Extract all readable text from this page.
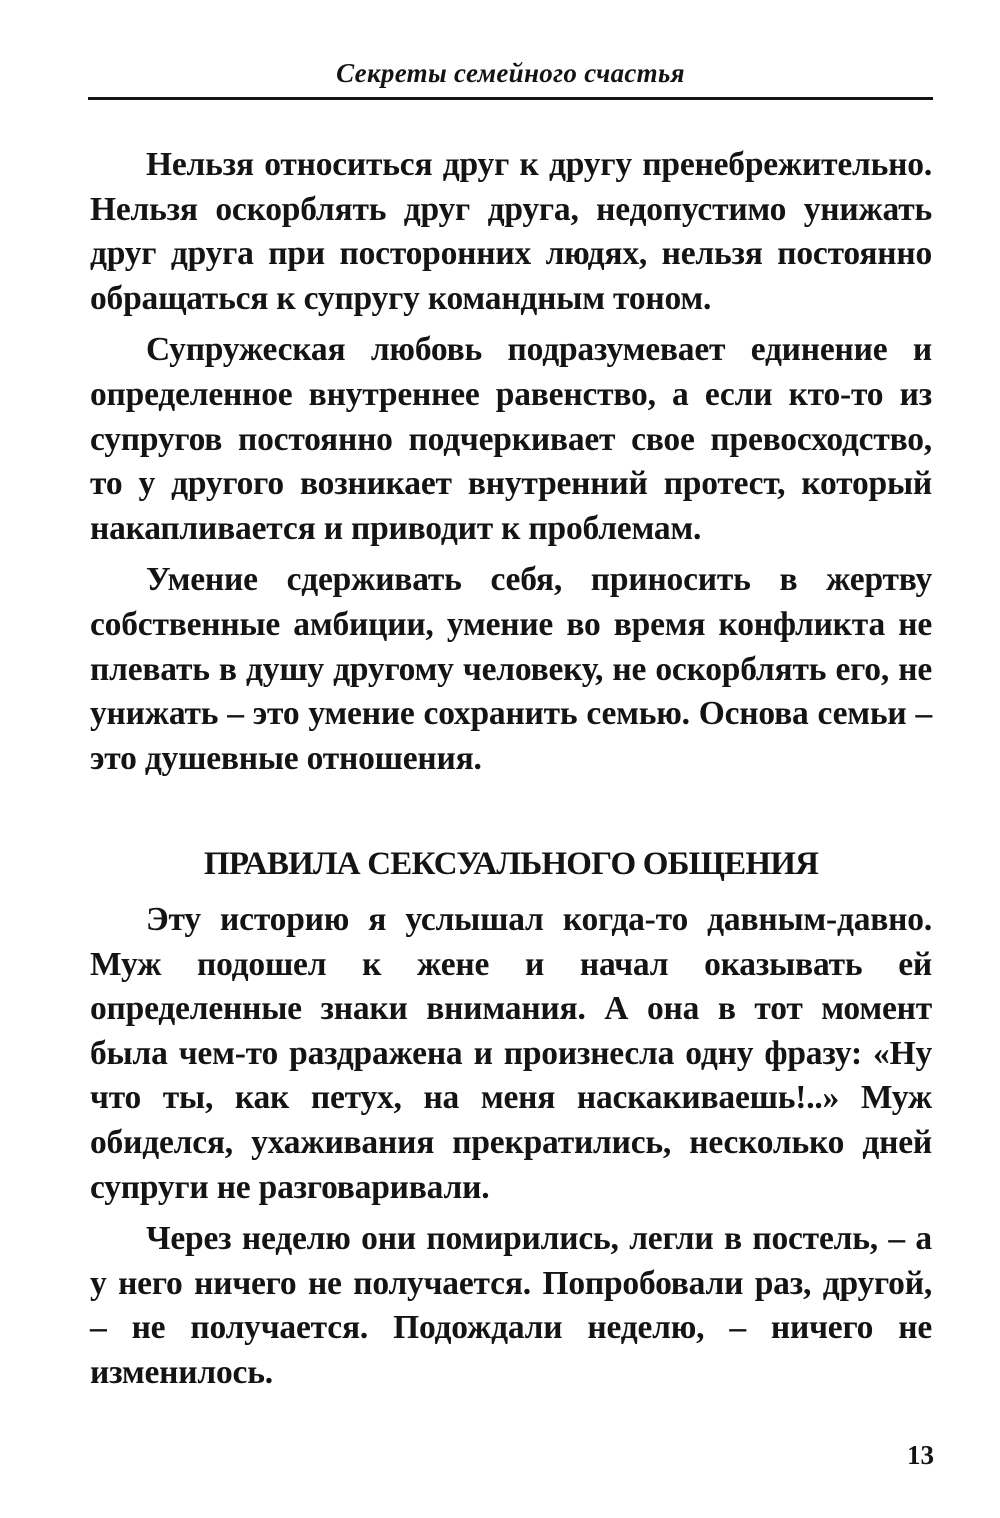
Секреты семейного счастья

Нельзя относиться друг к другу пренебрежительно. Нельзя оскорблять друг друга, недопустимо унижать друг друга при посторонних людях, нельзя постоянно обращаться к супругу командным тоном.

Супружеская любовь подразумевает единение и определенное внутреннее равенство, а если кто-то из супругов постоянно подчеркивает свое превосходство, то у другого возникает внутренний протест, который накапливается и приводит к проблемам.

Умение сдерживать себя, приносить в жертву собственные амбиции, умение во время конфликта не плевать в душу другому человеку, не оскорблять его, не унижать – это умение сохранить семью. Основа семьи – это душевные отношения.

ПРАВИЛА СЕКСУАЛЬНОГО ОБЩЕНИЯ

Эту историю я услышал когда-то давным-давно. Муж подошел к жене и начал оказывать ей определенные знаки внимания. А она в тот момент была чем-то раздражена и произнесла одну фразу: «Ну что ты, как петух, на меня наскакиваешь!..» Муж обиделся, ухаживания прекратились, несколько дней супруги не разговаривали.

Через неделю они помирились, легли в постель, – а у него ничего не получается. Попробовали раз, другой, – не получается. Подождали неделю, – ничего не изменилось.

13
